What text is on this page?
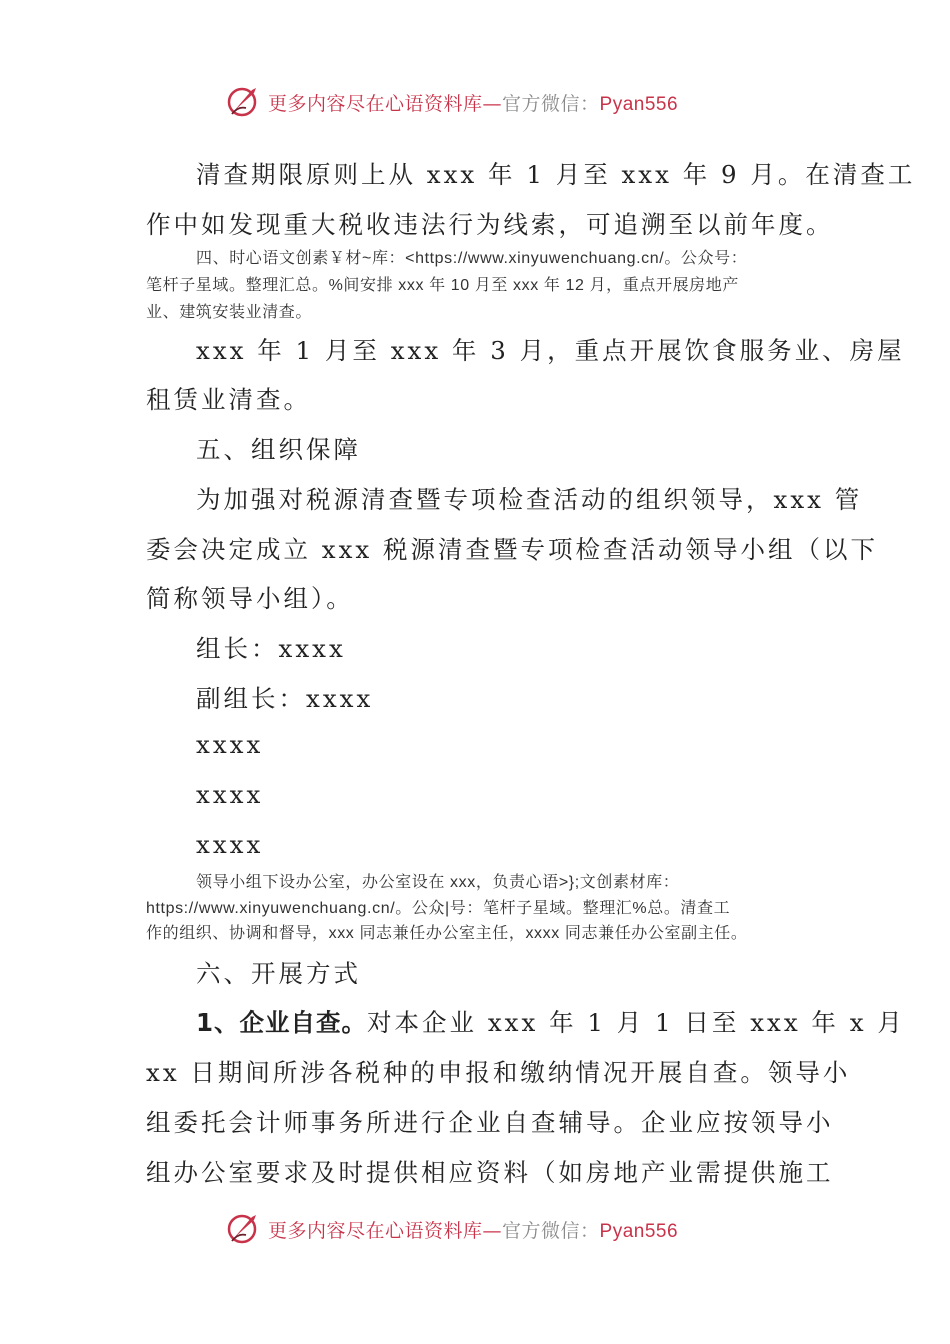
更多内容尽在心语资料库—官方微信：Pyan556
清查期限原则上从 xxx 年 1 月至 xxx 年 9 月。在清查工
作中如发现重大税收违法行为线索，可追溯至以前年度。
四、时心语文创素￥材~库：<https://www.xinyuwenchuang.cn/。公众号：
笔杆子星域。整理汇总。%间安排 xxx 年 10 月至 xxx 年 12 月，重点开展房地产
业、建筑安装业清查。
xxx 年 1 月至 xxx 年 3 月，重点开展饮食服务业、房屋
租赁业清查。
五、组织保障
为加强对税源清查暨专项检查活动的组织领导，xxx 管
委会决定成立 xxx 税源清查暨专项检查活动领导小组（以下
简称领导小组）。
组长：xxxx
副组长：xxxx
xxxx
xxxx
xxxx
领导小组下设办公室，办公室设在 xxx，负责心语>};文创素材库：
https://www.xinyuwenchuang.cn/。公众|号：笔杆子星域。整理汇%总。清查工
作的组织、协调和督导，xxx 同志兼任办公室主任，xxxx 同志兼任办公室副主任。
六、开展方式
1、企业自查。对本企业 xxx 年 1 月 1 日至 xxx 年 x 月
xx 日期间所涉各税种的申报和缴纳情况开展自查。领导小
组委托会计师事务所进行企业自查辅导。企业应按领导小
组办公室要求及时提供相应资料（如房地产业需提供施工
更多内容尽在心语资料库—官方微信：Pyan556
